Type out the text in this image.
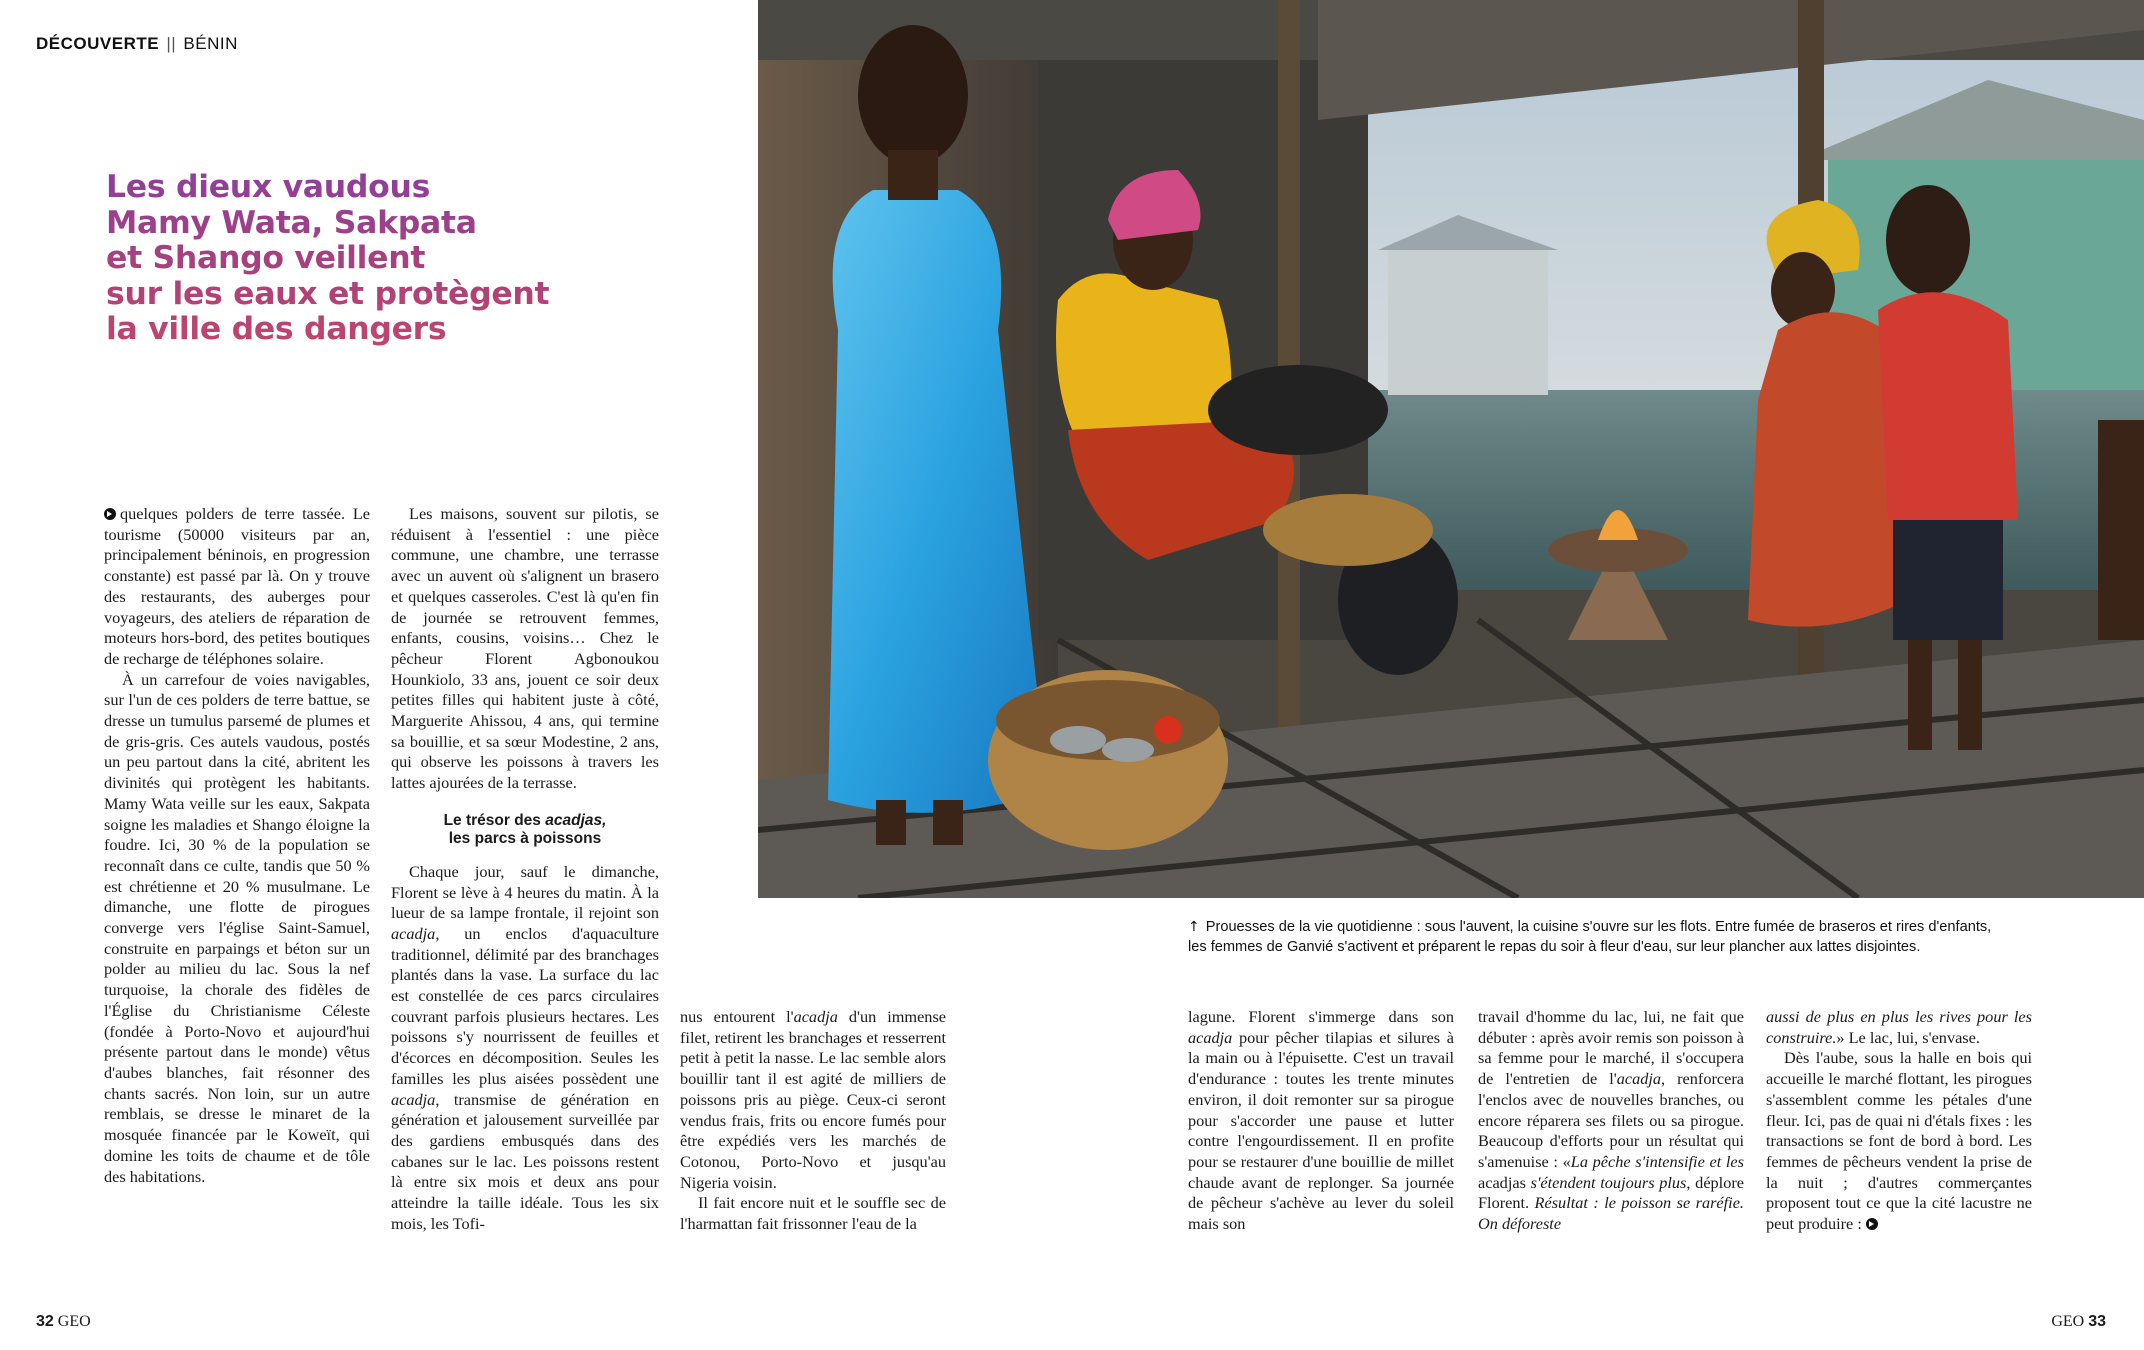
DÉCOUVERTE || BÉNIN
Les dieux vaudous
Mamy Wata, Sakpata
et Shango veillent
sur les eaux et protègent
la ville des dangers

quelques polders de terre tassée. Le tourisme (50000 visiteurs par an, principalement béninois, en progression constante) est passé par là. On y trouve des restaurants, des auberges pour voyageurs, des ateliers de réparation de moteurs hors-bord, des petites boutiques de recharge de téléphones solaire.

À un carrefour de voies navigables, sur l'un de ces polders de terre battue, se dresse un tumulus parsemé de plumes et de gris-gris. Ces autels vaudous, postés un peu partout dans la cité, abritent les divinités qui protègent les habitants. Mamy Wata veille sur les eaux, Sakpata soigne les maladies et Shango éloigne la foudre. Ici, 30 % de la population se reconnaît dans ce culte, tandis que 50 % est chrétienne et 20 % musulmane. Le dimanche, une flotte de pirogues converge vers l'église Saint-Samuel, construite en parpaings et béton sur un polder au milieu du lac. Sous la nef turquoise, la chorale des fidèles de l'Église du Christianisme Céleste (fondée à Porto-Novo et aujourd'hui présente partout dans le monde) vêtus d'aubes blanches, fait résonner des chants sacrés. Non loin, sur un autre remblais, se dresse le minaret de la mosquée financée par le Koweït, qui domine les toits de chaume et de tôle des habitations.

Les maisons, souvent sur pilotis, se réduisent à l'essentiel : une pièce commune, une chambre, une terrasse avec un auvent où s'alignent un brasero et quelques casseroles. C'est là qu'en fin de journée se retrouvent femmes, enfants, cousins, voisins… Chez le pêcheur Florent Agbonoukou Hounkiolo, 33 ans, jouent ce soir deux petites filles qui habitent juste à côté, Marguerite Ahissou, 4 ans, qui termine sa bouillie, et sa sœur Modestine, 2 ans, qui observe les poissons à travers les lattes ajourées de la terrasse.

Le trésor des acadjas,
les parcs à poissons

Chaque jour, sauf le dimanche, Florent se lève à 4 heures du matin. À la lueur de sa lampe frontale, il rejoint son acadja, un enclos d'aquaculture traditionnel, délimité par des branchages plantés dans la vase. La surface du lac est constellée de ces parcs circulaires couvrant parfois plusieurs hectares. Les poissons s'y nourrissent de feuilles et d'écorces en décomposition. Seules les familles les plus aisées possèdent une acadja, transmise de génération en génération et jalousement surveillée par des gardiens embusqués dans des cabanes sur le lac. Les poissons restent là entre six mois et deux ans pour atteindre la taille idéale. Tous les six mois, les Tofi-

nus entourent l'acadja d'un immense filet, retirent les branchages et resserrent petit à petit la nasse. Le lac semble alors bouillir tant il est agité de milliers de poissons pris au piège. Ceux-ci seront vendus frais, frits ou encore fumés pour être expédiés vers les marchés de Cotonou, Porto-Novo et jusqu'au Nigeria voisin.

Il fait encore nuit et le souffle sec de l'harmattan fait frissonner l'eau de la

↑ Prouesses de la vie quotidienne : sous l'auvent, la cuisine s'ouvre sur les flots. Entre fumée de braseros et rires d'enfants,
les femmes de Ganvié s'activent et préparent le repas du soir à fleur d'eau, sur leur plancher aux lattes disjointes.

lagune. Florent s'immerge dans son acadja pour pêcher tilapias et silures à la main ou à l'épuisette. C'est un travail d'endurance : toutes les trente minutes environ, il doit remonter sur sa pirogue pour s'accorder une pause et lutter contre l'engourdissement. Il en profite pour se restaurer d'une bouillie de millet chaude avant de replonger. Sa journée de pêcheur s'achève au lever du soleil mais son

travail d'homme du lac, lui, ne fait que débuter : après avoir remis son poisson à sa femme pour le marché, il s'occupera de l'entretien de l'acadja, renforcera l'enclos avec de nouvelles branches, ou encore réparera ses filets ou sa pirogue. Beaucoup d'efforts pour un résultat qui s'amenuise : «La pêche s'intensifie et les acadjas s'étendent toujours plus, déplore Florent. Résultat : le poisson se raréfie. On déforeste

aussi de plus en plus les rives pour les construire.» Le lac, lui, s'envase.

Dès l'aube, sous la halle en bois qui accueille le marché flottant, les pirogues s'assemblent comme les pétales d'une fleur. Ici, pas de quai ni d'étals fixes : les transactions se font de bord à bord. Les femmes de pêcheurs vendent la prise de la nuit ; d'autres commerçantes proposent tout ce que la cité lacustre ne peut produire :

32 GEO	GEO 33
